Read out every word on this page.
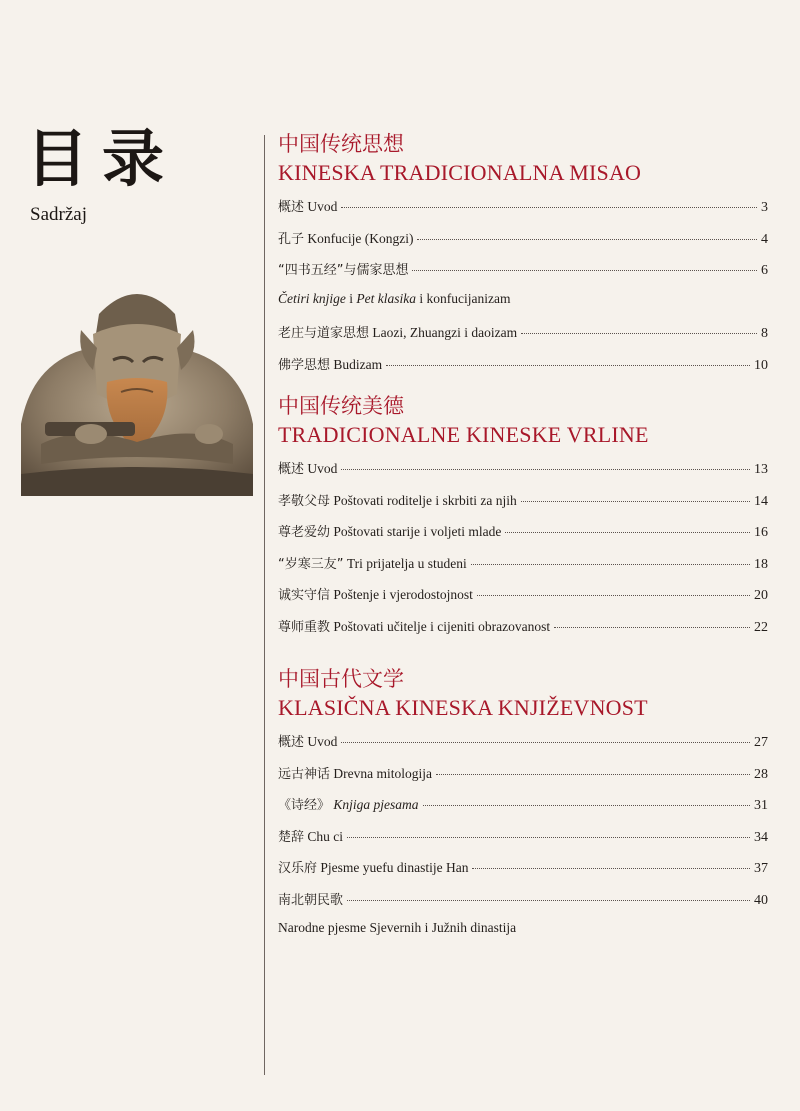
目录

Sadržaj

中国传统思想

KINESKA TRADICIONALNA MISAO

概述 Uvod	3
孔子 Konfucije (Kongzi)	4
“四书五经”与儒家思想	6
Četiri knjige i Pet klasika i konfucijanizam
老庄与道家思想 Laozi, Zhuangzi i daoizam	8
佛学思想 Budizam	10

中国传统美德

TRADICIONALNE KINESKE VRLINE

概述 Uvod	13
孝敬父母 Poštovati roditelje i skrbiti za njih	14
尊老爱幼 Poštovati starije i voljeti mlade	16
“岁寒三友” Tri prijatelja u studeni	18
诚实守信 Poštenje i vjerodostojnost	20
尊师重教 Poštovati učitelje i cijeniti obrazovanost	22

中国古代文学

KLASIČNA KINESKA KNJIŽEVNOST

概述 Uvod	27
远古神话 Drevna mitologija	28
《诗经》 Knjiga pjesama	31
楚辞 Chu ci	34
汉乐府 Pjesme yuefu dinastije Han	37
南北朝民歌	40
Narodne pjesme Sjevernih i Južnih dinastija
